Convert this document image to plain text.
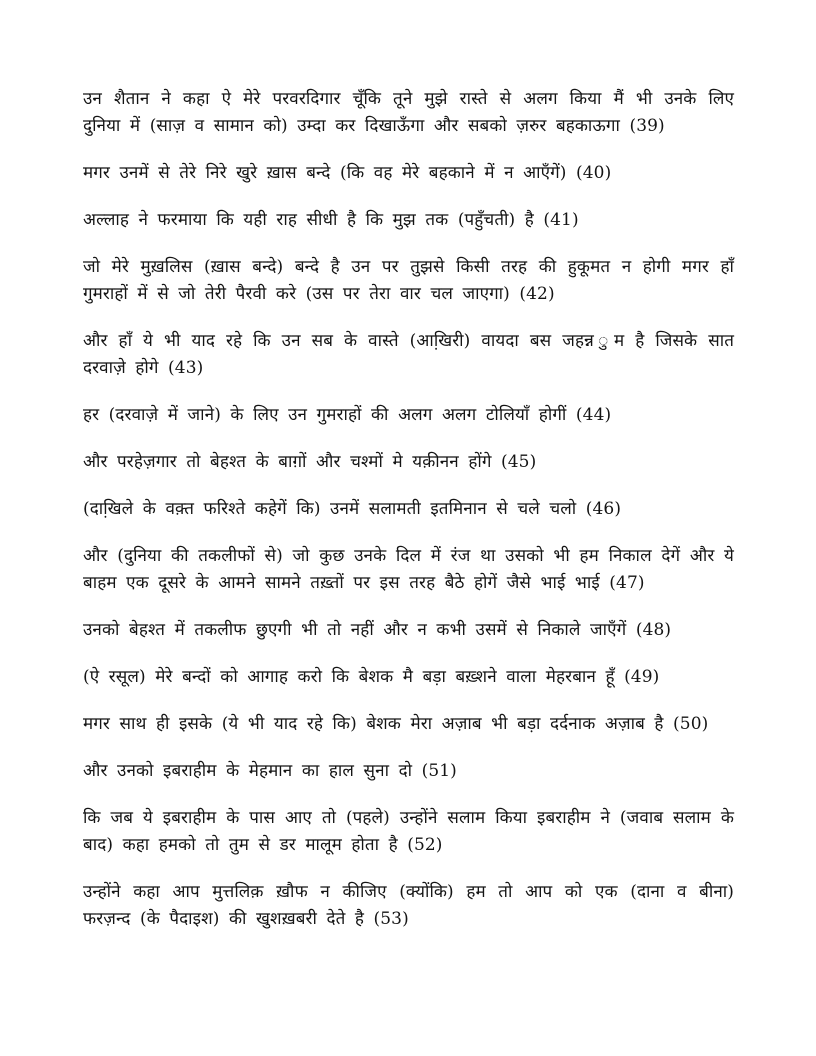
उन शैतान ने कहा ऐ मेरे परवरदिगार चूँकि तूने मुझे रास्ते से अलग किया मैं भी उनके लिए दुनिया में (साज़ व सामान को) उम्दा कर दिखाऊँगा और सबको ज़रुर बहकाऊगा (39)

मगर उनमें से तेरे निरे खुरे ख़ास बन्दे (कि वह मेरे बहकाने में न आएँगें) (40)

अल्लाह ने फरमाया कि यही राह सीधी है कि मुझ तक (पहुँचती) है (41)

जो मेरे मुख़लिस (ख़ास बन्दे) बन्दे है उन पर तुझसे किसी तरह की हुकूमत न होगी मगर हाँ गुमराहों में से जो तेरी पैरवी करे (उस पर तेरा वार चल जाएगा) (42)

और हाँ ये भी याद रहे कि उन सब के वास्ते (आखि़री) वायदा बस जहन्न ुम है जिसके सात दरवाज़े होगे (43)

हर (दरवाज़े में जाने) के लिए उन गुमराहों की अलग अलग टोलियाँ होगीं (44)

और परहेज़गार तो बेहश्त के बाग़ों और चश्मों मे यक़ीनन होंगे (45)

(दाखि़ले के वक़्त फरिश्ते कहेगें कि) उनमें सलामती इतमिनान से चले चलो (46)

और (दुनिया की तकलीफों से) जो कुछ उनके दिल में रंज था उसको भी हम निकाल देगें और ये बाहम एक दूसरे के आमने सामने तख़्तों पर इस तरह बैठे होगें जैसे भाई भाई (47)

उनको बेहश्त में तकलीफ छुएगी भी तो नहीं और न कभी उसमें से निकाले जाएँगें (48)

(ऐ रसूल) मेरे बन्दों को आगाह करो कि बेशक मै बड़ा बख़्शने वाला मेहरबान हूँ (49)

मगर साथ ही इसके (ये भी याद रहे कि) बेशक मेरा अज़ाब भी बड़ा दर्दनाक अज़ाब है (50)

और उनको इबराहीम के मेहमान का हाल सुना दो (51)

कि जब ये इबराहीम के पास आए तो (पहले) उन्होंने सलाम किया इबराहीम ने (जवाब सलाम के बाद) कहा हमको तो तुम से डर मालूम होता है (52)

उन्होंने कहा आप मुत्तलिक़ ख़ौफ न कीजिए (क्योंकि) हम तो आप को एक (दाना व बीना) फरज़न्द (के पैदाइश) की खुशख़बरी देते है (53)
